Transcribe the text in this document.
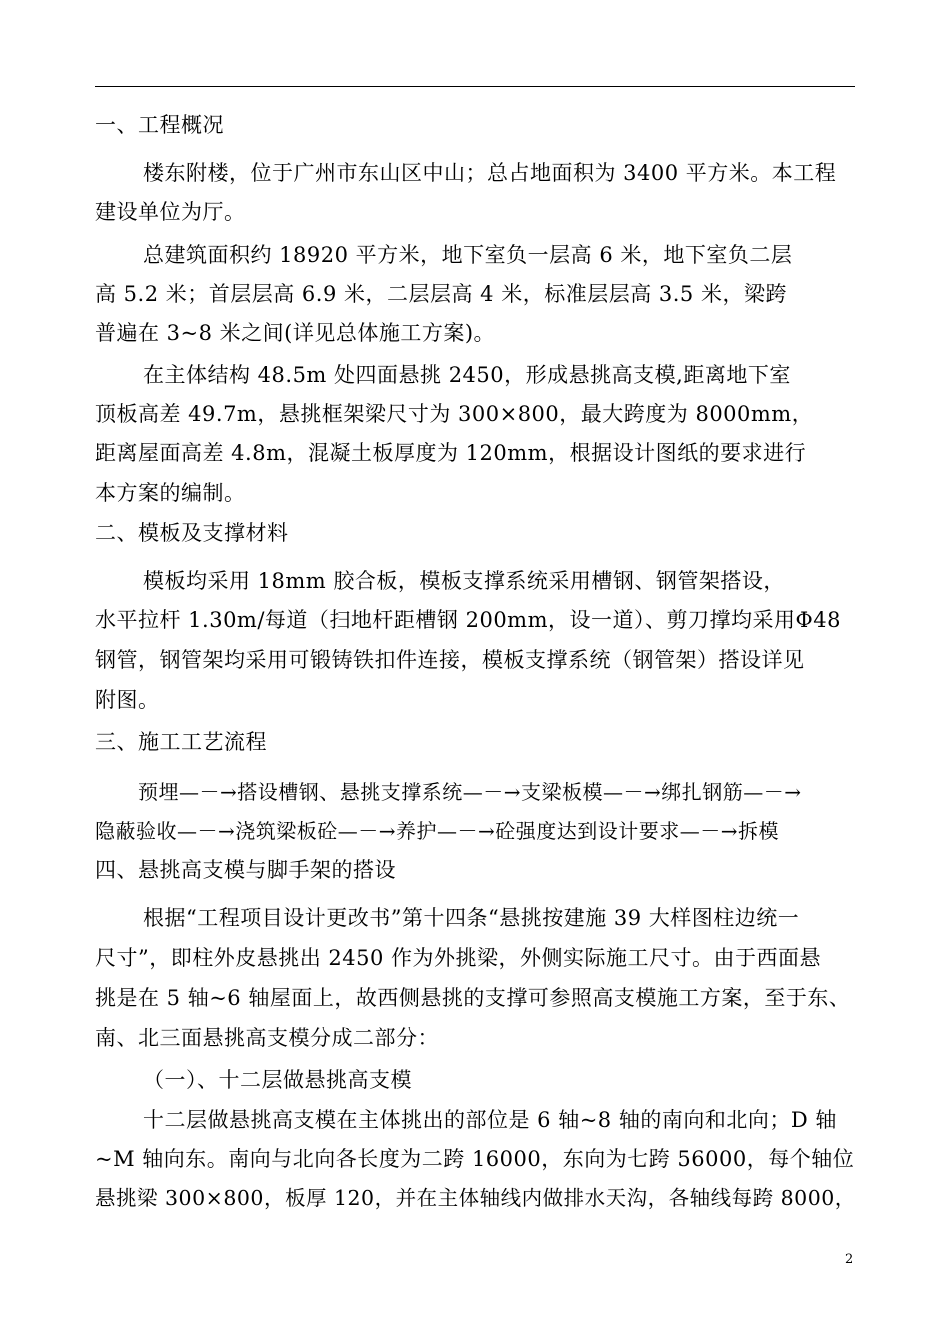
一、工程概况
楼东附楼，位于广州市东山区中山；总占地面积为 3400 平方米。本工程
建设单位为厅。
总建筑面积约 18920 平方米，地下室负一层高 6 米，地下室负二层
高 5.2 米；首层层高 6.9 米，二层层高 4 米，标准层层高 3.5 米，梁跨
普遍在 3~8 米之间(详见总体施工方案)。
在主体结构 48.5m 处四面悬挑 2450，形成悬挑高支模,距离地下室
顶板高差 49.7m，悬挑框架梁尺寸为 300×800，最大跨度为 8000mm，
距离屋面高差 4.8m，混凝土板厚度为 120mm，根据设计图纸的要求进行
本方案的编制。
二、模板及支撑材料
模板均采用 18mm 胶合板，模板支撑系统采用槽钢、钢管架搭设，
水平拉杆 1.30m/每道（扫地杆距槽钢 200mm，设一道）、剪刀撑均采用Φ48
钢管，钢管架均采用可锻铸铁扣件连接，模板支撑系统（钢管架）搭设详见
附图。
三、施工工艺流程
预埋—－→搭设槽钢、悬挑支撑系统—－→支梁板模—－→绑扎钢筋—－→
隐蔽验收—－→浇筑梁板砼—－→养护—－→砼强度达到设计要求—－→拆模
四、悬挑高支模与脚手架的搭设
根据“工程项目设计更改书”第十四条“悬挑按建施 39 大样图柱边统一
尺寸”，即柱外皮悬挑出 2450 作为外挑梁，外侧实际施工尺寸。由于西面悬
挑是在 5 轴~6 轴屋面上，故西侧悬挑的支撑可参照高支模施工方案，至于东、
南、北三面悬挑高支模分成二部分：
（一）、十二层做悬挑高支模
十二层做悬挑高支模在主体挑出的部位是 6 轴~8 轴的南向和北向；D 轴
~M 轴向东。南向与北向各长度为二跨 16000，东向为七跨 56000，每个轴位
悬挑梁 300×800，板厚 120，并在主体轴线内做排水天沟，各轴线每跨 8000，
2
